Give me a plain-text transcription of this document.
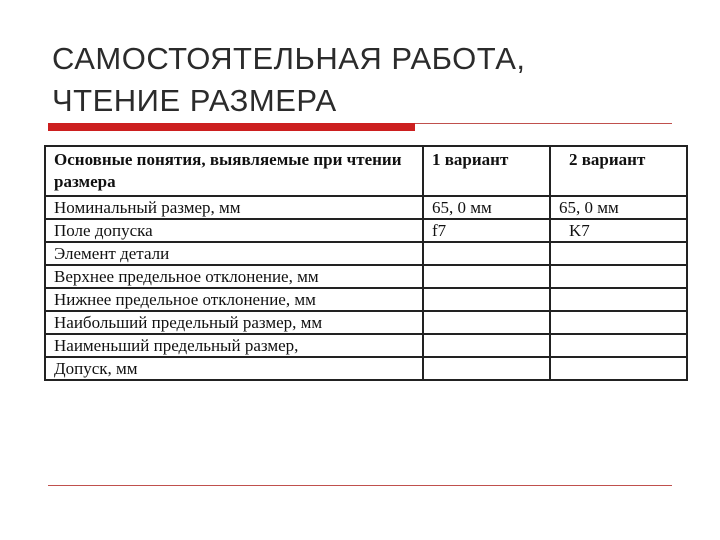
САМОСТОЯТЕЛЬНАЯ РАБОТА,
ЧТЕНИЕ РАЗМЕРА
Основные понятия, выявляемые при чтении размера	1 вариант	2 вариант
Номинальный размер, мм	65, 0 мм	65, 0 мм
Поле допуска	f7	K7
Элемент детали		
Верхнее предельное отклонение, мм		
Нижнее предельное отклонение, мм		
Наибольший предельный размер, мм		
Наименьший предельный размер,		
Допуск, мм		
